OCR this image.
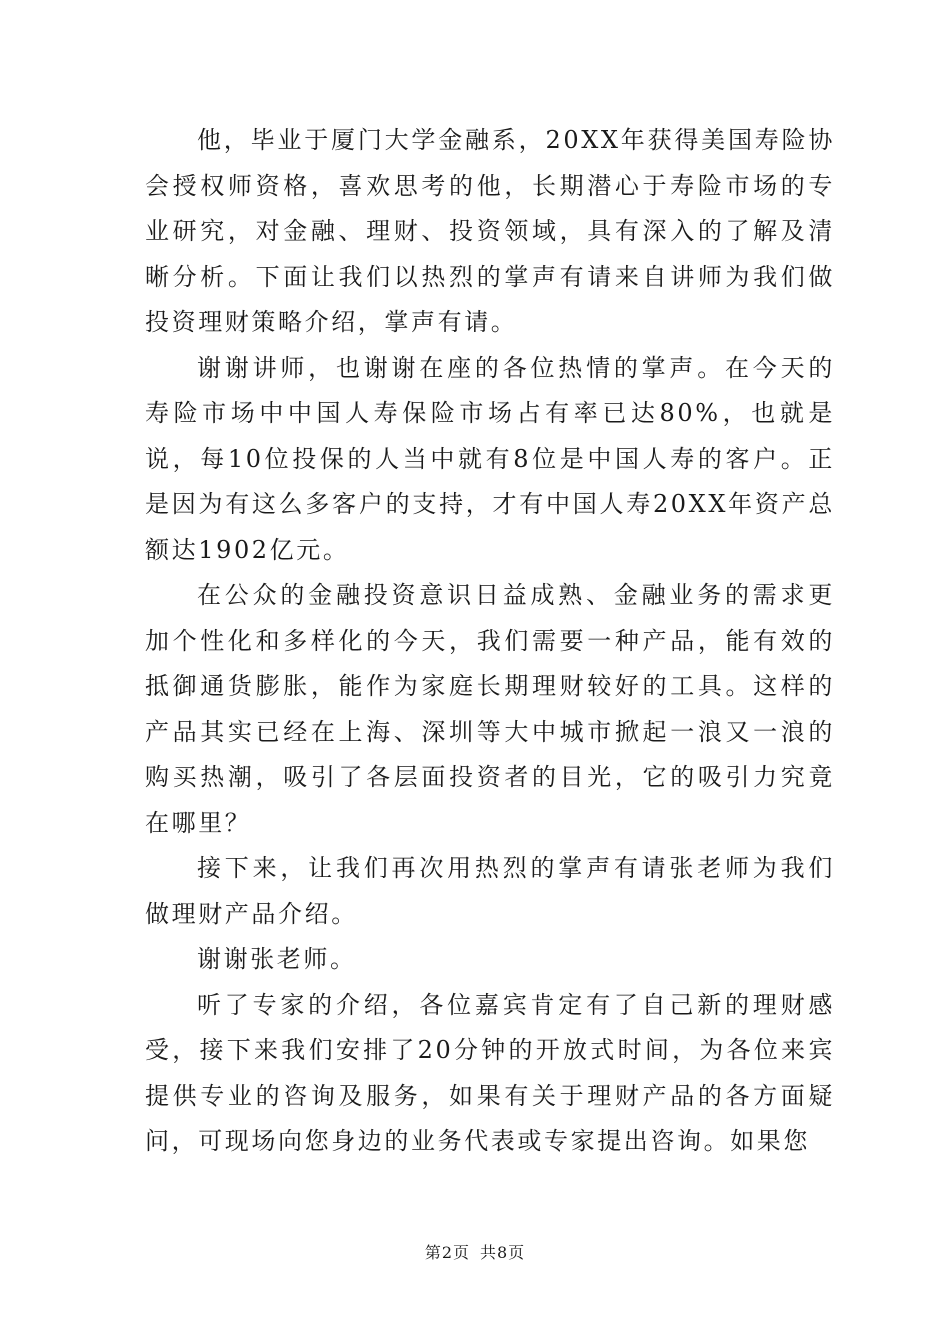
他，毕业于厦门大学金融系，20XX年获得美国寿险协会授权师资格，喜欢思考的他，长期潜心于寿险市场的专业研究，对金融、理财、投资领域，具有深入的了解及清晰分析。下面让我们以热烈的掌声有请来自讲师为我们做投资理财策略介绍，掌声有请。

谢谢讲师，也谢谢在座的各位热情的掌声。在今天的寿险市场中中国人寿保险市场占有率已达80%，也就是说，每10位投保的人当中就有8位是中国人寿的客户。正是因为有这么多客户的支持，才有中国人寿20XX年资产总额达1902亿元。

在公众的金融投资意识日益成熟、金融业务的需求更加个性化和多样化的今天，我们需要一种产品，能有效的抵御通货膨胀，能作为家庭长期理财较好的工具。这样的产品其实已经在上海、深圳等大中城市掀起一浪又一浪的购买热潮，吸引了各层面投资者的目光，它的吸引力究竟在哪里？

接下来，让我们再次用热烈的掌声有请张老师为我们做理财产品介绍。

谢谢张老师。

听了专家的介绍，各位嘉宾肯定有了自己新的理财感受，接下来我们安排了20分钟的开放式时间，为各位来宾提供专业的咨询及服务，如果有关于理财产品的各方面疑问，可现场向您身边的业务代表或专家提出咨询。如果您

第2页 共8页
